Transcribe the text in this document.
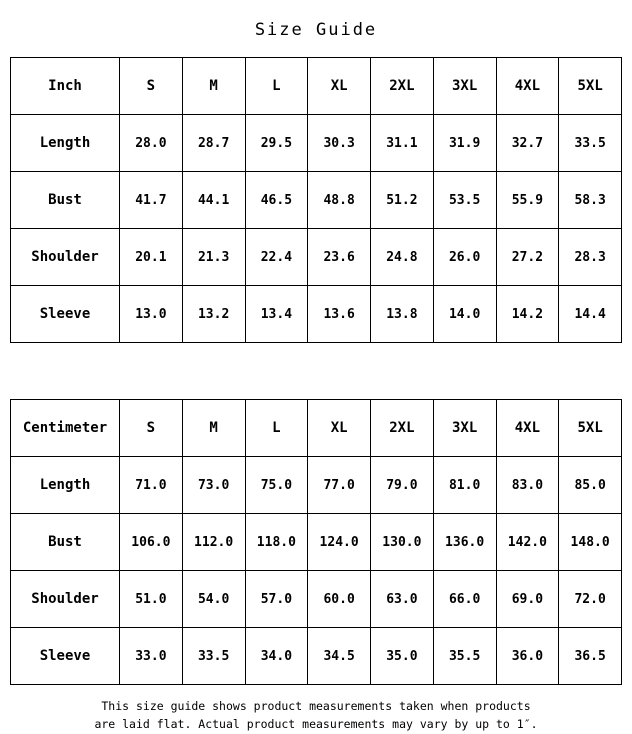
Size Guide
Inch	S	M	L	XL	2XL	3XL	4XL	5XL
Length	28.0	28.7	29.5	30.3	31.1	31.9	32.7	33.5
Bust	41.7	44.1	46.5	48.8	51.2	53.5	55.9	58.3
Shoulder	20.1	21.3	22.4	23.6	24.8	26.0	27.2	28.3
Sleeve	13.0	13.2	13.4	13.6	13.8	14.0	14.2	14.4
Centimeter	S	M	L	XL	2XL	3XL	4XL	5XL
Length	71.0	73.0	75.0	77.0	79.0	81.0	83.0	85.0
Bust	106.0	112.0	118.0	124.0	130.0	136.0	142.0	148.0
Shoulder	51.0	54.0	57.0	60.0	63.0	66.0	69.0	72.0
Sleeve	33.0	33.5	34.0	34.5	35.0	35.5	36.0	36.5
This size guide shows product measurements taken when products
are laid flat. Actual product measurements may vary by up to 1″.
